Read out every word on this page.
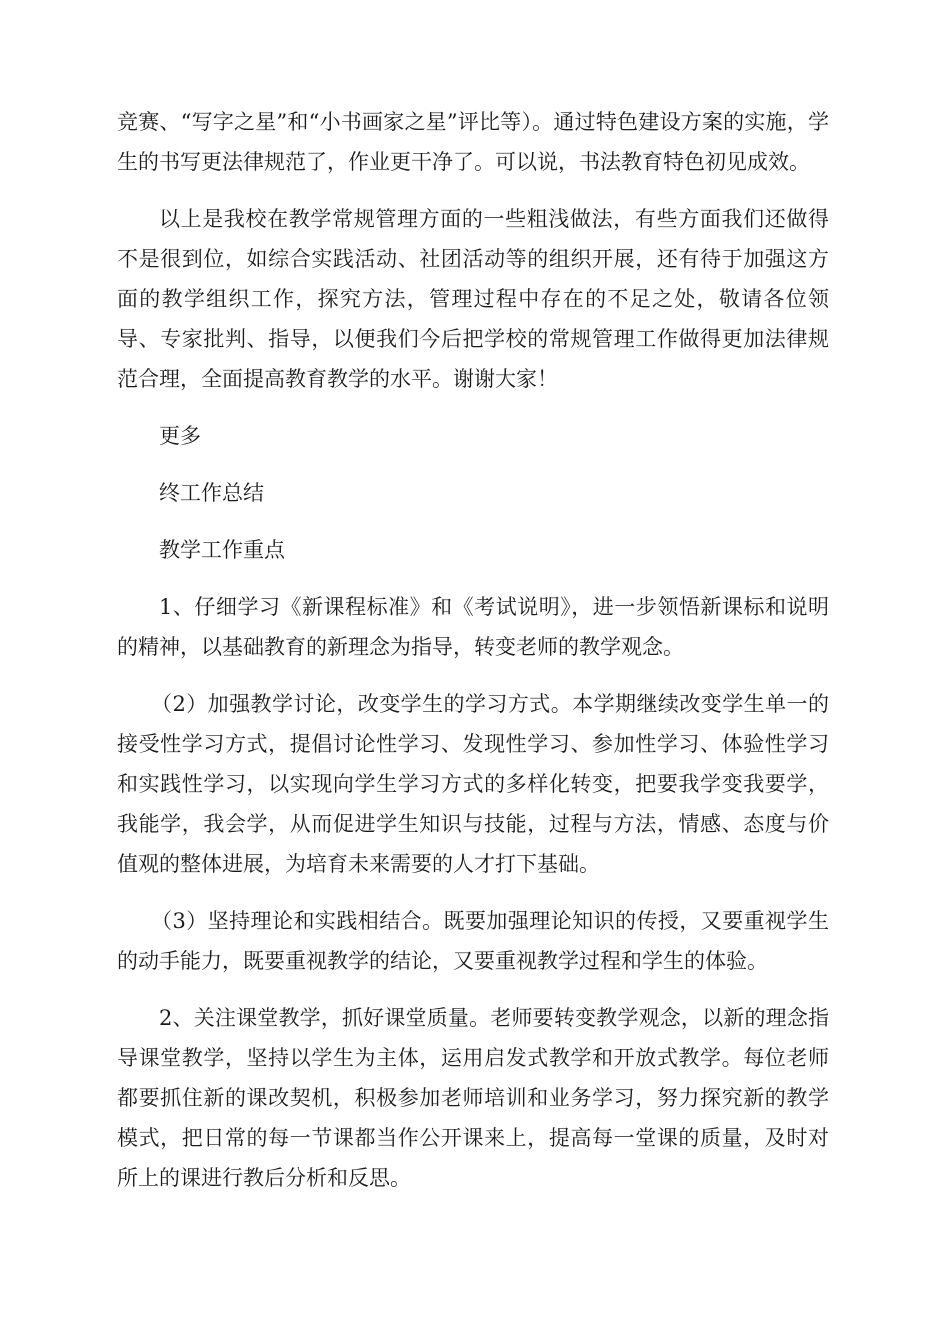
竞赛、“写字之星”和“小书画家之星”评比等）。通过特色建设方案的实施，学生的书写更法律规范了，作业更干净了。可以说，书法教育特色初见成效。

以上是我校在教学常规管理方面的一些粗浅做法，有些方面我们还做得不是很到位，如综合实践活动、社团活动等的组织开展，还有待于加强这方面的教学组织工作，探究方法，管理过程中存在的不足之处，敬请各位领导、专家批判、指导，以便我们今后把学校的常规管理工作做得更加法律规范合理，全面提高教育教学的水平。谢谢大家！

更多

终工作总结

教学工作重点

1、仔细学习《新课程标准》和《考试说明》，进一步领悟新课标和说明的精神，以基础教育的新理念为指导，转变老师的教学观念。

（2）加强教学讨论，改变学生的学习方式。本学期继续改变学生单一的接受性学习方式，提倡讨论性学习、发现性学习、参加性学习、体验性学习和实践性学习，以实现向学生学习方式的多样化转变，把要我学变我要学，我能学，我会学，从而促进学生知识与技能，过程与方法，情感、态度与价值观的整体进展，为培育未来需要的人才打下基础。

（3）坚持理论和实践相结合。既要加强理论知识的传授，又要重视学生的动手能力，既要重视教学的结论，又要重视教学过程和学生的体验。

2、关注课堂教学，抓好课堂质量。老师要转变教学观念，以新的理念指导课堂教学，坚持以学生为主体，运用启发式教学和开放式教学。每位老师都要抓住新的课改契机，积极参加老师培训和业务学习，努力探究新的教学模式，把日常的每一节课都当作公开课来上，提高每一堂课的质量，及时对所上的课进行教后分析和反思。
